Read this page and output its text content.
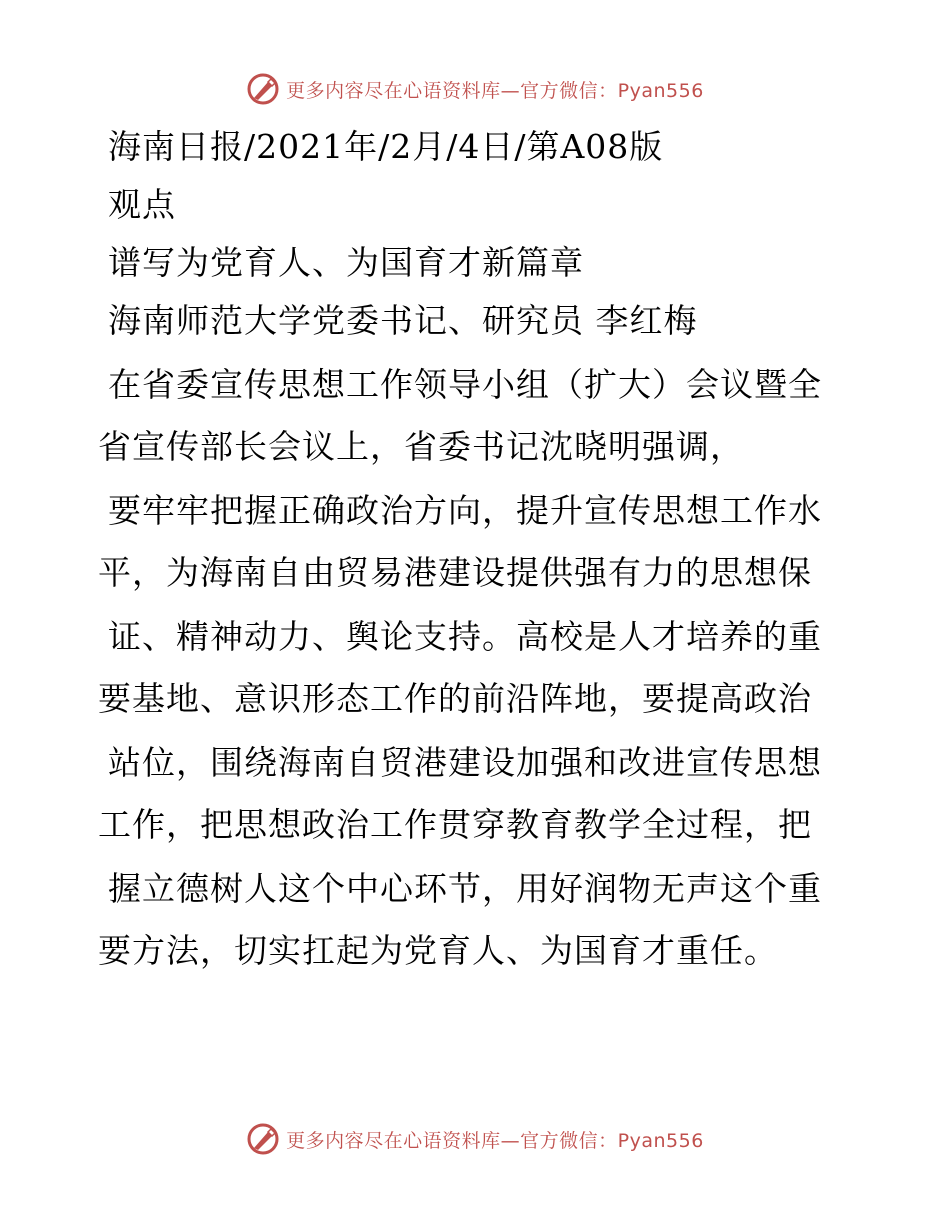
更多内容尽在心语资料库—官方微信：Pyan556
海南日报/2021年/2月/4日/第A08版
观点
谱写为党育人、为国育才新篇章
海南师范大学党委书记、研究员 李红梅
在省委宣传思想工作领导小组（扩大）会议暨全
省宣传部长会议上，省委书记沈晓明强调，
要牢牢把握正确政治方向，提升宣传思想工作水
平，为海南自由贸易港建设提供强有力的思想保
证、精神动力、舆论支持。高校是人才培养的重
要基地、意识形态工作的前沿阵地，要提高政治
站位，围绕海南自贸港建设加强和改进宣传思想
工作，把思想政治工作贯穿教育教学全过程，把
握立德树人这个中心环节，用好润物无声这个重
要方法，切实扛起为党育人、为国育才重任。
更多内容尽在心语资料库—官方微信：Pyan556
